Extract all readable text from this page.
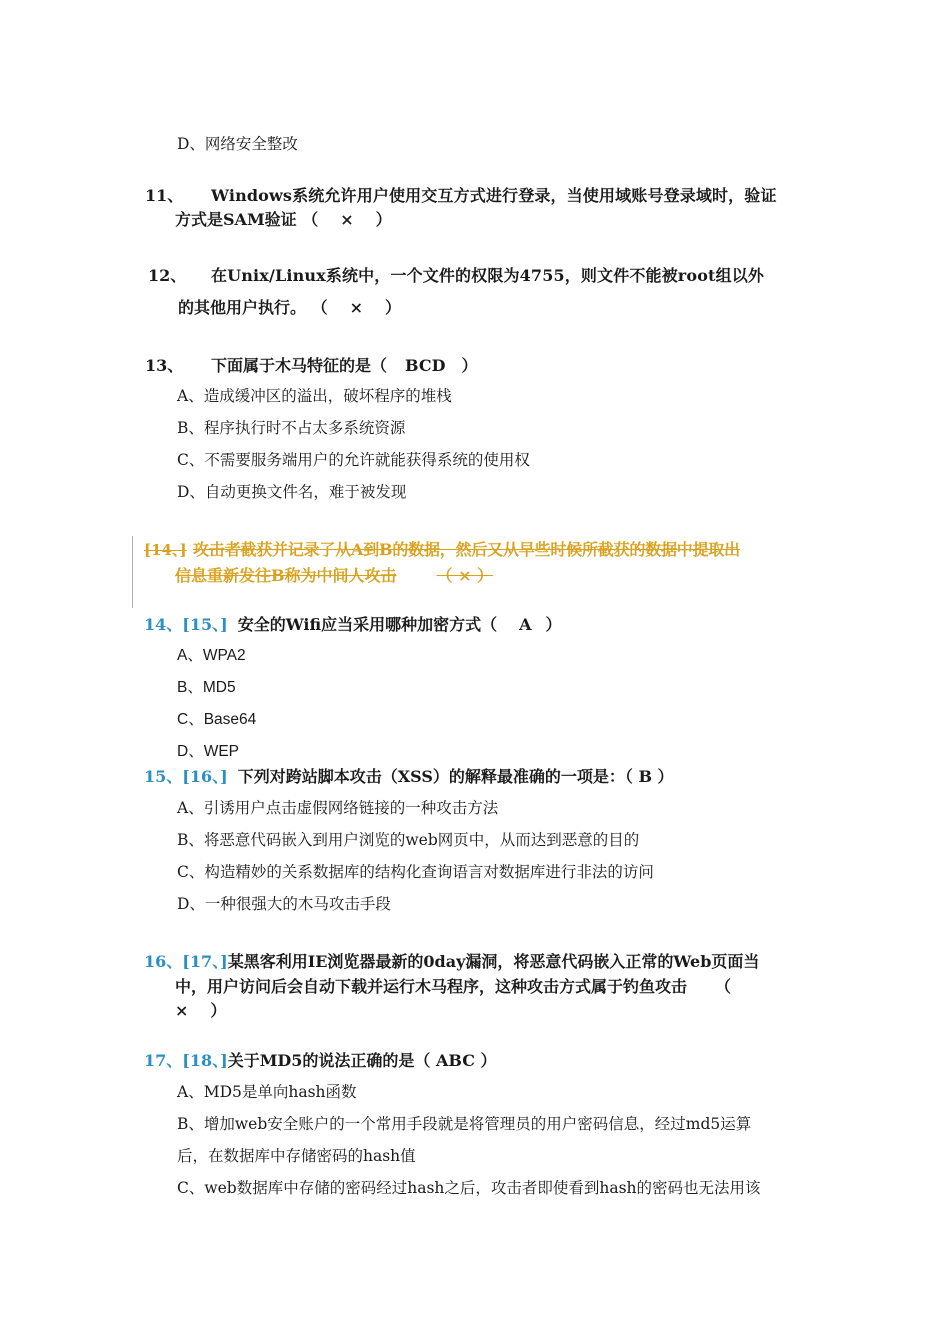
D、网络安全整改
11、 Windows系统允许用户使用交互方式进行登录，当使用域账号登录域时，验证
方式是SAM验证 （ × ）
12、 在Unix/Linux系统中，一个文件的权限为4755，则文件不能被root组以外
的其他用户执行。 （ × ）
13、 下面属于木马特征的是（ BCD ）
A、造成缓冲区的溢出，破坏程序的堆栈
B、程序执行时不占太多系统资源
C、不需要服务端用户的允许就能获得系统的使用权
D、自动更换文件名，难于被发现
[14、] 攻击者截获并记录了从A到B的数据，然后又从早些时候所截获的数据中提取出
信息重新发往B称为中间人攻击	（ × ）
14、[15、] 安全的Wifi应当采用哪种加密方式（ A ）
A、WPA2
B、MD5
C、Base64
D、WEP
15、[16、] 下列对跨站脚本攻击（XSS）的解释最准确的一项是：（ B ）
A、引诱用户点击虚假网络链接的一种攻击方法
B、将恶意代码嵌入到用户浏览的web网页中，从而达到恶意的目的
C、构造精妙的关系数据库的结构化查询语言对数据库进行非法的访问
D、一种很强大的木马攻击手段
16、[17、]某黑客利用IE浏览器最新的0day漏洞，将恶意代码嵌入正常的Web页面当
中，用户访问后会自动下载并运行木马程序，这种攻击方式属于钓鱼攻击 （
× ）
17、[18、]关于MD5的说法正确的是（ ABC ）
A、MD5是单向hash函数
B、增加web安全账户的一个常用手段就是将管理员的用户密码信息，经过md5运算
后，在数据库中存储密码的hash值
C、web数据库中存储的密码经过hash之后，攻击者即使看到hash的密码也无法用该
